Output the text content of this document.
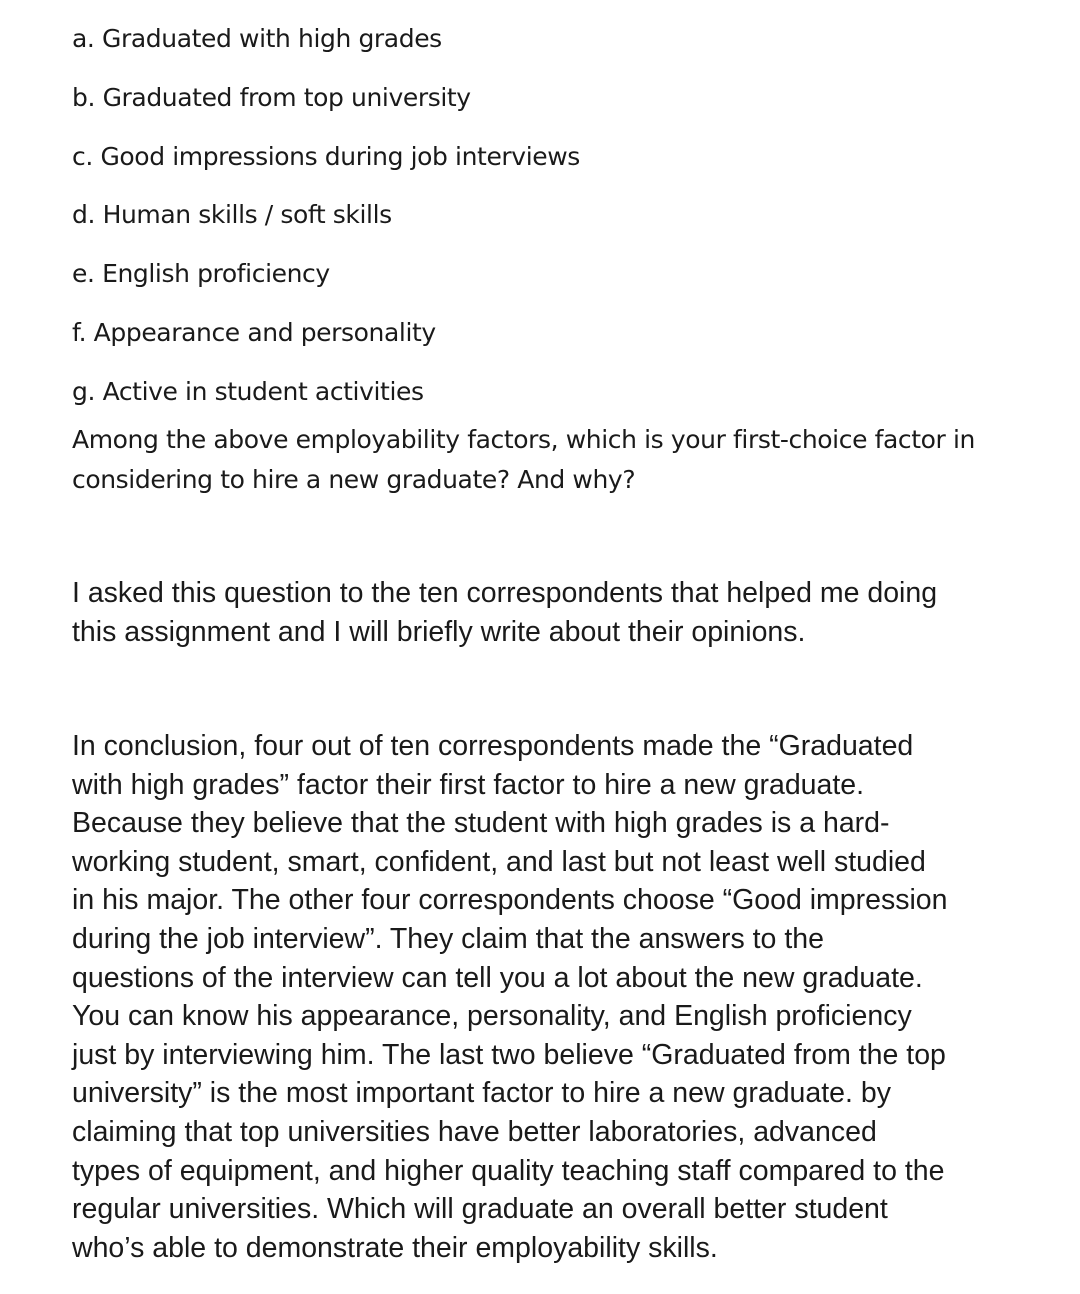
a. Graduated with high grades
b. Graduated from top university
c. Good impressions during job interviews
d. Human skills / soft skills
e. English proficiency
f. Appearance and personality
g. Active in student activities

Among the above employability factors, which is your first-choice factor in
considering to hire a new graduate? And why?

I asked this question to the ten correspondents that helped me doing
this assignment and I will briefly write about their opinions.

In conclusion, four out of ten correspondents made the “Graduated
with high grades” factor their first factor to hire a new graduate.
Because they believe that the student with high grades is a hard-
working student, smart, confident, and last but not least well studied
in his major. The other four correspondents choose “Good impression
during the job interview”. They claim that the answers to the
questions of the interview can tell you a lot about the new graduate.
You can know his appearance, personality, and English proficiency
just by interviewing him. The last two believe “Graduated from the top
university” is the most important factor to hire a new graduate. by
claiming that top universities have better laboratories, advanced
types of equipment, and higher quality teaching staff compared to the
regular universities. Which will graduate an overall better student
who’s able to demonstrate their employability skills.
